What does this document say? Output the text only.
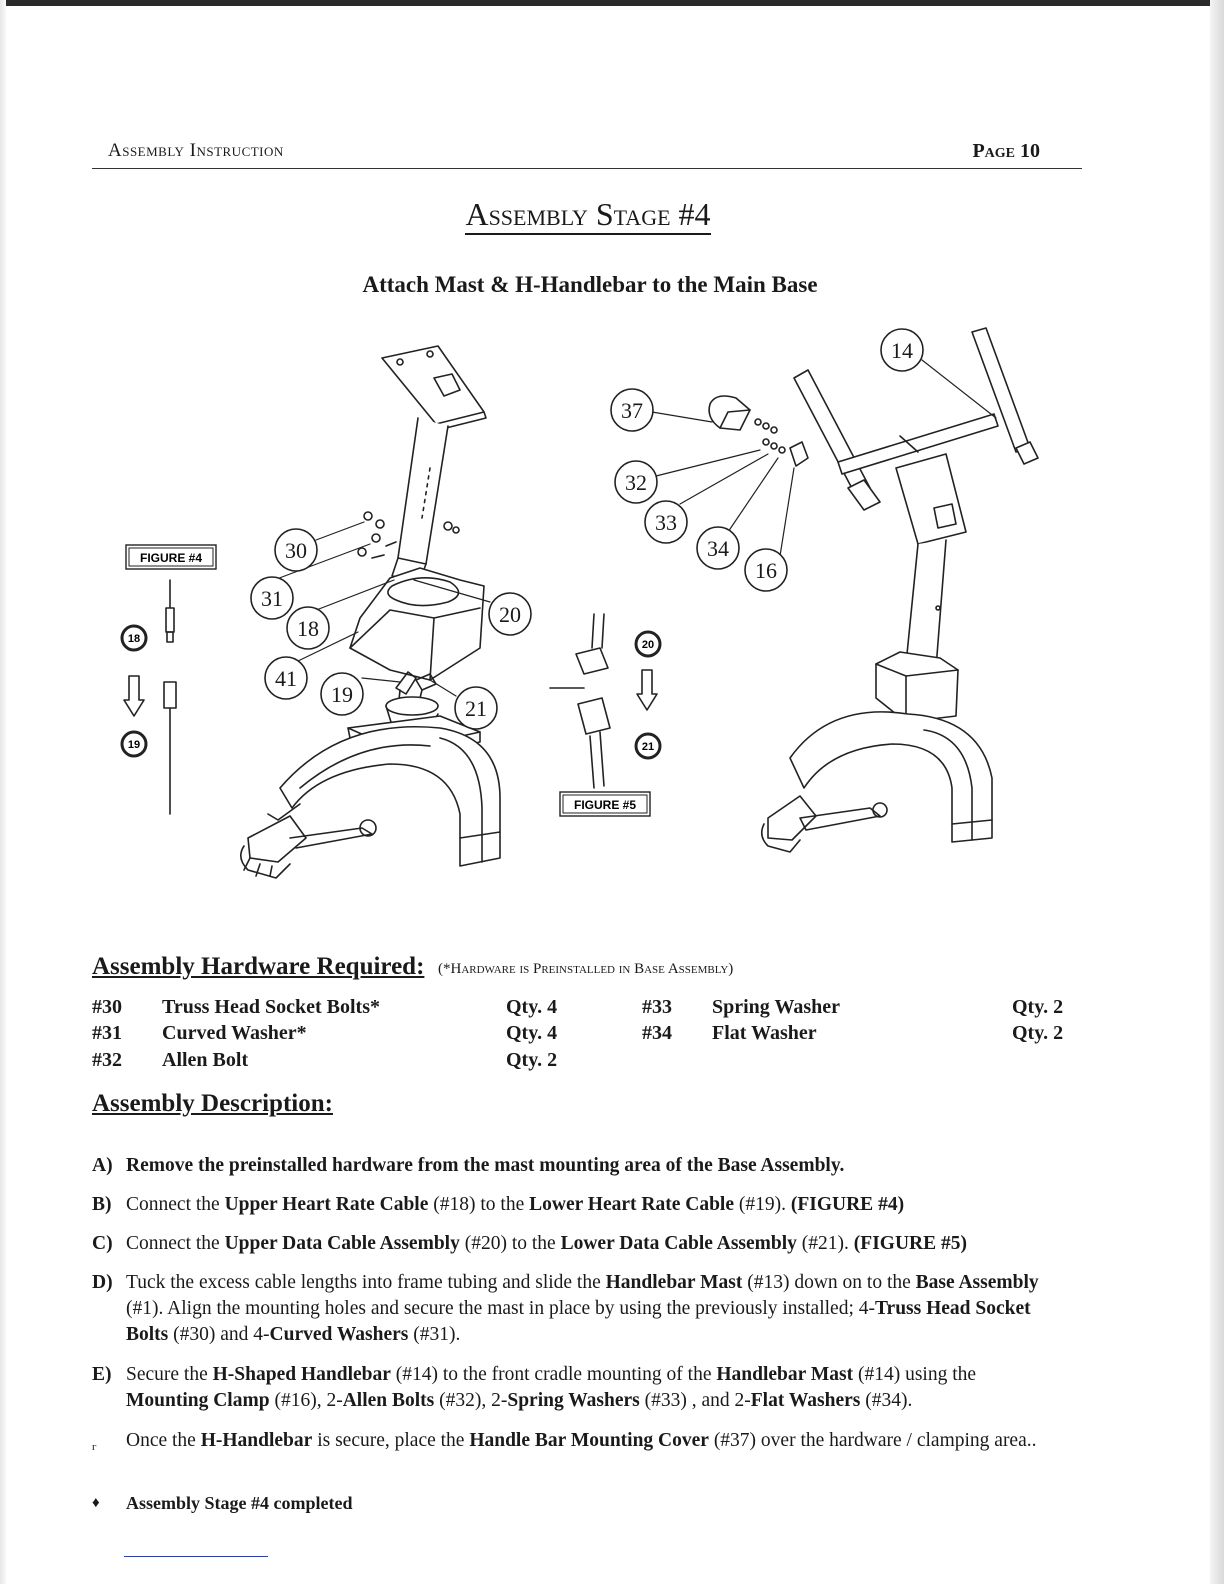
Assembly Instruction	Page 10
Assembly Stage #4
Attach Mast & H-Handlebar to the Main Base
14
37
32
33
34
16
30
31
18
20
41
19
21
18
19
20
21
FIGURE #4
FIGURE #5
Assembly Hardware Required: (*Hardware is Preinstalled in Base Assembly)
#30 Truss Head Socket Bolts*	Qty. 4
#31 Curved Washer*	Qty. 4
#32 Allen Bolt	Qty. 2
#33 Spring Washer	Qty. 2
#34 Flat Washer	Qty. 2
Assembly Description:
A) Remove the preinstalled hardware from the mast mounting area of the Base Assembly.
B) Connect the Upper Heart Rate Cable (#18) to the Lower Heart Rate Cable (#19). (FIGURE #4)
C) Connect the Upper Data Cable Assembly (#20) to the Lower Data Cable Assembly (#21). (FIGURE #5)
D) Tuck the excess cable lengths into frame tubing and slide the Handlebar Mast (#13) down on to the Base Assembly (#1). Align the mounting holes and secure the mast in place by using the previously installed; 4-Truss Head Socket Bolts (#30) and 4-Curved Washers (#31).
E) Secure the H-Shaped Handlebar (#14) to the front cradle mounting of the Handlebar Mast (#14) using the Mounting Clamp (#16), 2-Allen Bolts (#32), 2-Spring Washers (#33) , and 2-Flat Washers (#34).
г Once the H-Handlebar is secure, place the Handle Bar Mounting Cover (#37) over the hardware / clamping area..
♦ Assembly Stage #4 completed
